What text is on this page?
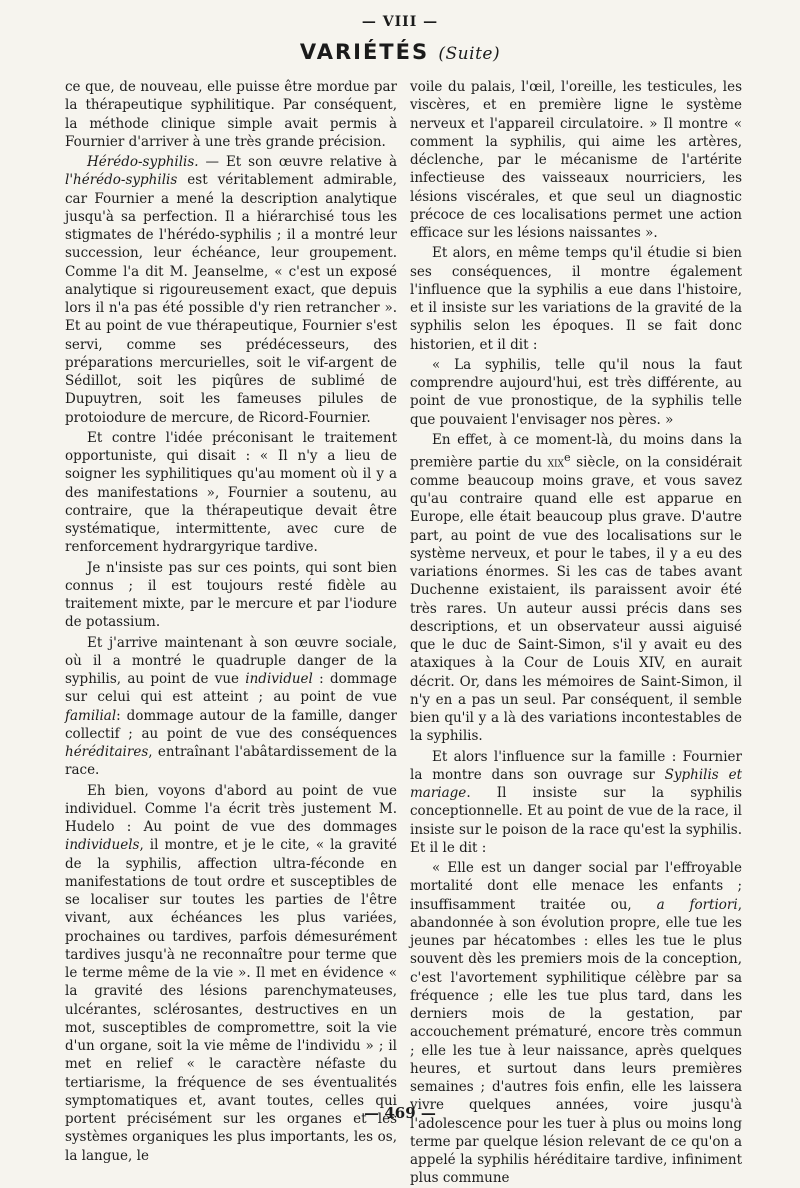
— VIII —
VARIÉTÉS (Suite)

ce que, de nouveau, elle puisse être mordue par la thérapeutique syphilitique. Par conséquent, la méthode clinique simple avait permis à Fournier d'arriver à une très grande précision.

Hérédo-syphilis. — Et son œuvre relative à l'hérédo-syphilis est véritablement admirable, car Fournier a mené la description analytique jusqu'à sa perfection. Il a hiérarchisé tous les stigmates de l'hérédo-syphilis ; il a montré leur succession, leur échéance, leur groupement. Comme l'a dit M. Jeanselme, « c'est un exposé analytique si rigoureusement exact, que depuis lors il n'a pas été possible d'y rien retrancher ». Et au point de vue thérapeutique, Fournier s'est servi, comme ses prédécesseurs, des préparations mercurielles, soit le vif-argent de Sédillot, soit les piqûres de sublimé de Dupuytren, soit les fameuses pilules de protoiodure de mercure, de Ricord-Fournier.

Et contre l'idée préconisant le traitement opportuniste, qui disait : « Il n'y a lieu de soigner les syphilitiques qu'au moment où il y a des manifestations », Fournier a soutenu, au contraire, que la thérapeutique devait être systématique, intermittente, avec cure de renforcement hydrargyrique tardive.

Je n'insiste pas sur ces points, qui sont bien connus ; il est toujours resté fidèle au traitement mixte, par le mercure et par l'iodure de potassium.

Et j'arrive maintenant à son œuvre sociale, où il a montré le quadruple danger de la syphilis, au point de vue individuel : dommage sur celui qui est atteint ; au point de vue familial: dommage autour de la famille, danger collectif ; au point de vue des conséquences héréditaires, entraînant l'abâtardissement de la race.

Eh bien, voyons d'abord au point de vue individuel. Comme l'a écrit très justement M. Hudelo : Au point de vue des dommages individuels, il montre, et je le cite, « la gravité de la syphilis, affection ultra-féconde en manifestations de tout ordre et susceptibles de se localiser sur toutes les parties de l'être vivant, aux échéances les plus variées, prochaines ou tardives, parfois démesurément tardives jusqu'à ne reconnaître pour terme que le terme même de la vie ». Il met en évidence « la gravité des lésions parenchymateuses, ulcérantes, sclérosantes, destructives en un mot, susceptibles de compromettre, soit la vie d'un organe, soit la vie même de l'individu » ; il met en relief « le caractère néfaste du tertiarisme, la fréquence de ses éventualités symptomatiques et, avant toutes, celles qui portent précisément sur les organes et les systèmes organiques les plus importants, les os, la langue, le

voile du palais, l'œil, l'oreille, les testicules, les viscères, et en première ligne le système nerveux et l'appareil circulatoire. » Il montre « comment la syphilis, qui aime les artères, déclenche, par le mécanisme de l'artérite infectieuse des vaisseaux nourriciers, les lésions viscérales, et que seul un diagnostic précoce de ces localisations permet une action efficace sur les lésions naissantes ».

Et alors, en même temps qu'il étudie si bien ses conséquences, il montre également l'influence que la syphilis a eue dans l'histoire, et il insiste sur les variations de la gravité de la syphilis selon les époques. Il se fait donc historien, et il dit :

« La syphilis, telle qu'il nous la faut comprendre aujourd'hui, est très différente, au point de vue pronostique, de la syphilis telle que pouvaient l'envisager nos pères. »

En effet, à ce moment-là, du moins dans la première partie du xix$^e$ siècle, on la considérait comme beaucoup moins grave, et vous savez qu'au contraire quand elle est apparue en Europe, elle était beaucoup plus grave. D'autre part, au point de vue des localisations sur le système nerveux, et pour le tabes, il y a eu des variations énormes. Si les cas de tabes avant Duchenne existaient, ils paraissent avoir été très rares. Un auteur aussi précis dans ses descriptions, et un observateur aussi aiguisé que le duc de Saint-Simon, s'il y avait eu des ataxiques à la Cour de Louis XIV, en aurait décrit. Or, dans les mémoires de Saint-Simon, il n'y en a pas un seul. Par conséquent, il semble bien qu'il y a là des variations incontestables de la syphilis.

Et alors l'influence sur la famille : Fournier la montre dans son ouvrage sur Syphilis et mariage. Il insiste sur la syphilis conceptionnelle. Et au point de vue de la race, il insiste sur le poison de la race qu'est la syphilis. Et il le dit :

« Elle est un danger social par l'effroyable mortalité dont elle menace les enfants ; insuffisamment traitée ou, a fortiori, abandonnée à son évolution propre, elle tue les jeunes par hécatombes : elles les tue le plus souvent dès les premiers mois de la conception, c'est l'avortement syphilitique célèbre par sa fréquence ; elle les tue plus tard, dans les derniers mois de la gestation, par accouchement prématuré, encore très commun ; elle les tue à leur naissance, après quelques heures, et surtout dans leurs premières semaines ; d'autres fois enfin, elle les laissera vivre quelques années, voire jusqu'à l'adolescence pour les tuer à plus ou moins long terme par quelque lésion relevant de ce qu'on a appelé la syphilis héréditaire tardive, infiniment plus commune

— 469 —
